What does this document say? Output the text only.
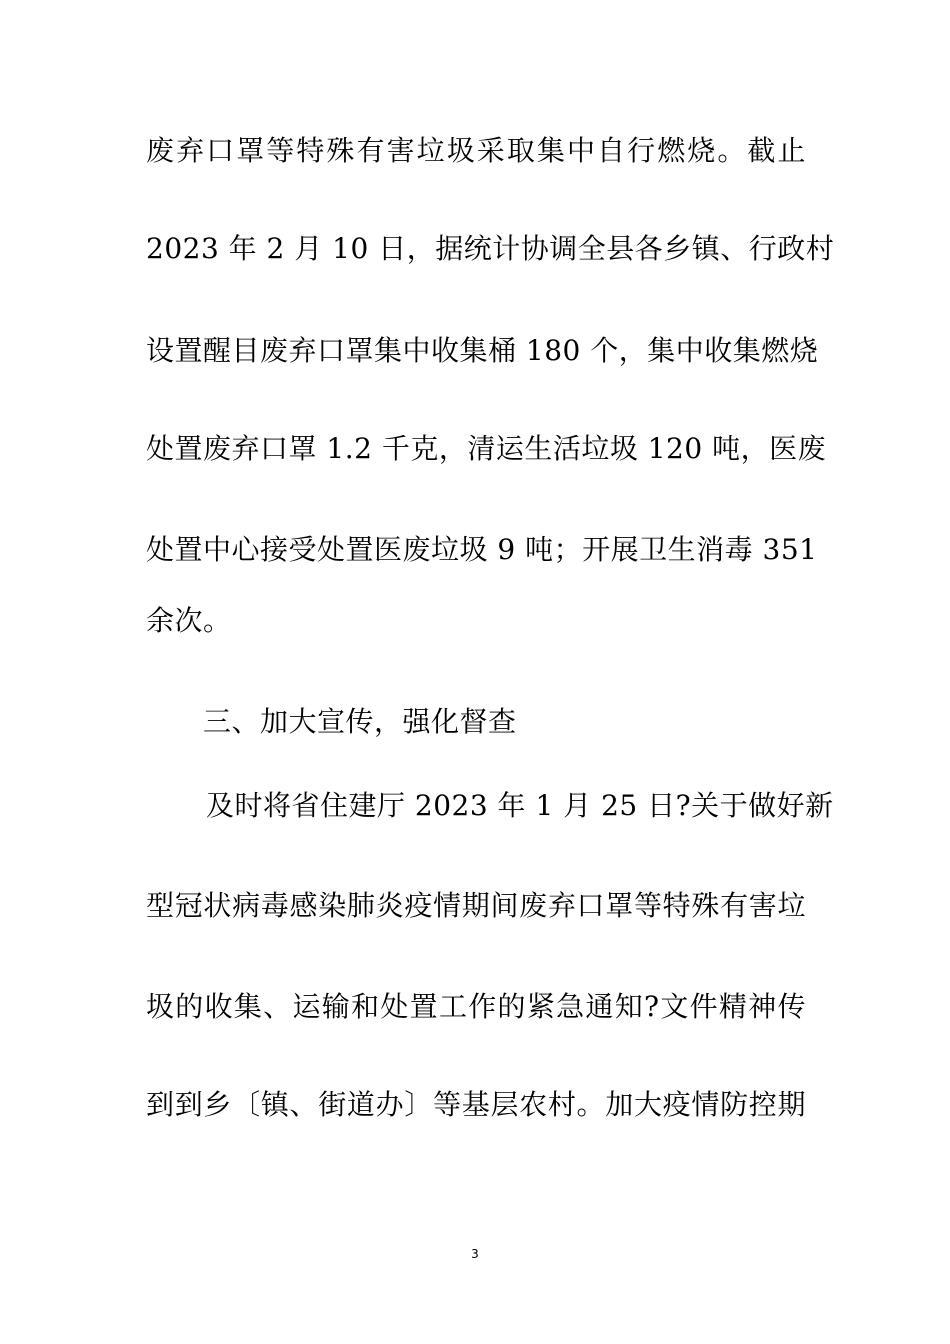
废弃口罩等特殊有害垃圾采取集中自行燃烧。截止
2023 年 2 月 10 日，据统计协调全县各乡镇、行政村
设置醒目废弃口罩集中收集桶 180 个，集中收集燃烧
处置废弃口罩 1.2 千克，清运生活垃圾 120 吨，医废
处置中心接受处置医废垃圾 9 吨；开展卫生消毒 351
余次。
三、加大宣传，强化督查
及时将省住建厅 2023 年 1 月 25 日?关于做好新
型冠状病毒感染肺炎疫情期间废弃口罩等特殊有害垃
圾的收集、运输和处置工作的紧急通知?文件精神传
到到乡〔镇、街道办〕等基层农村。加大疫情防控期
3
